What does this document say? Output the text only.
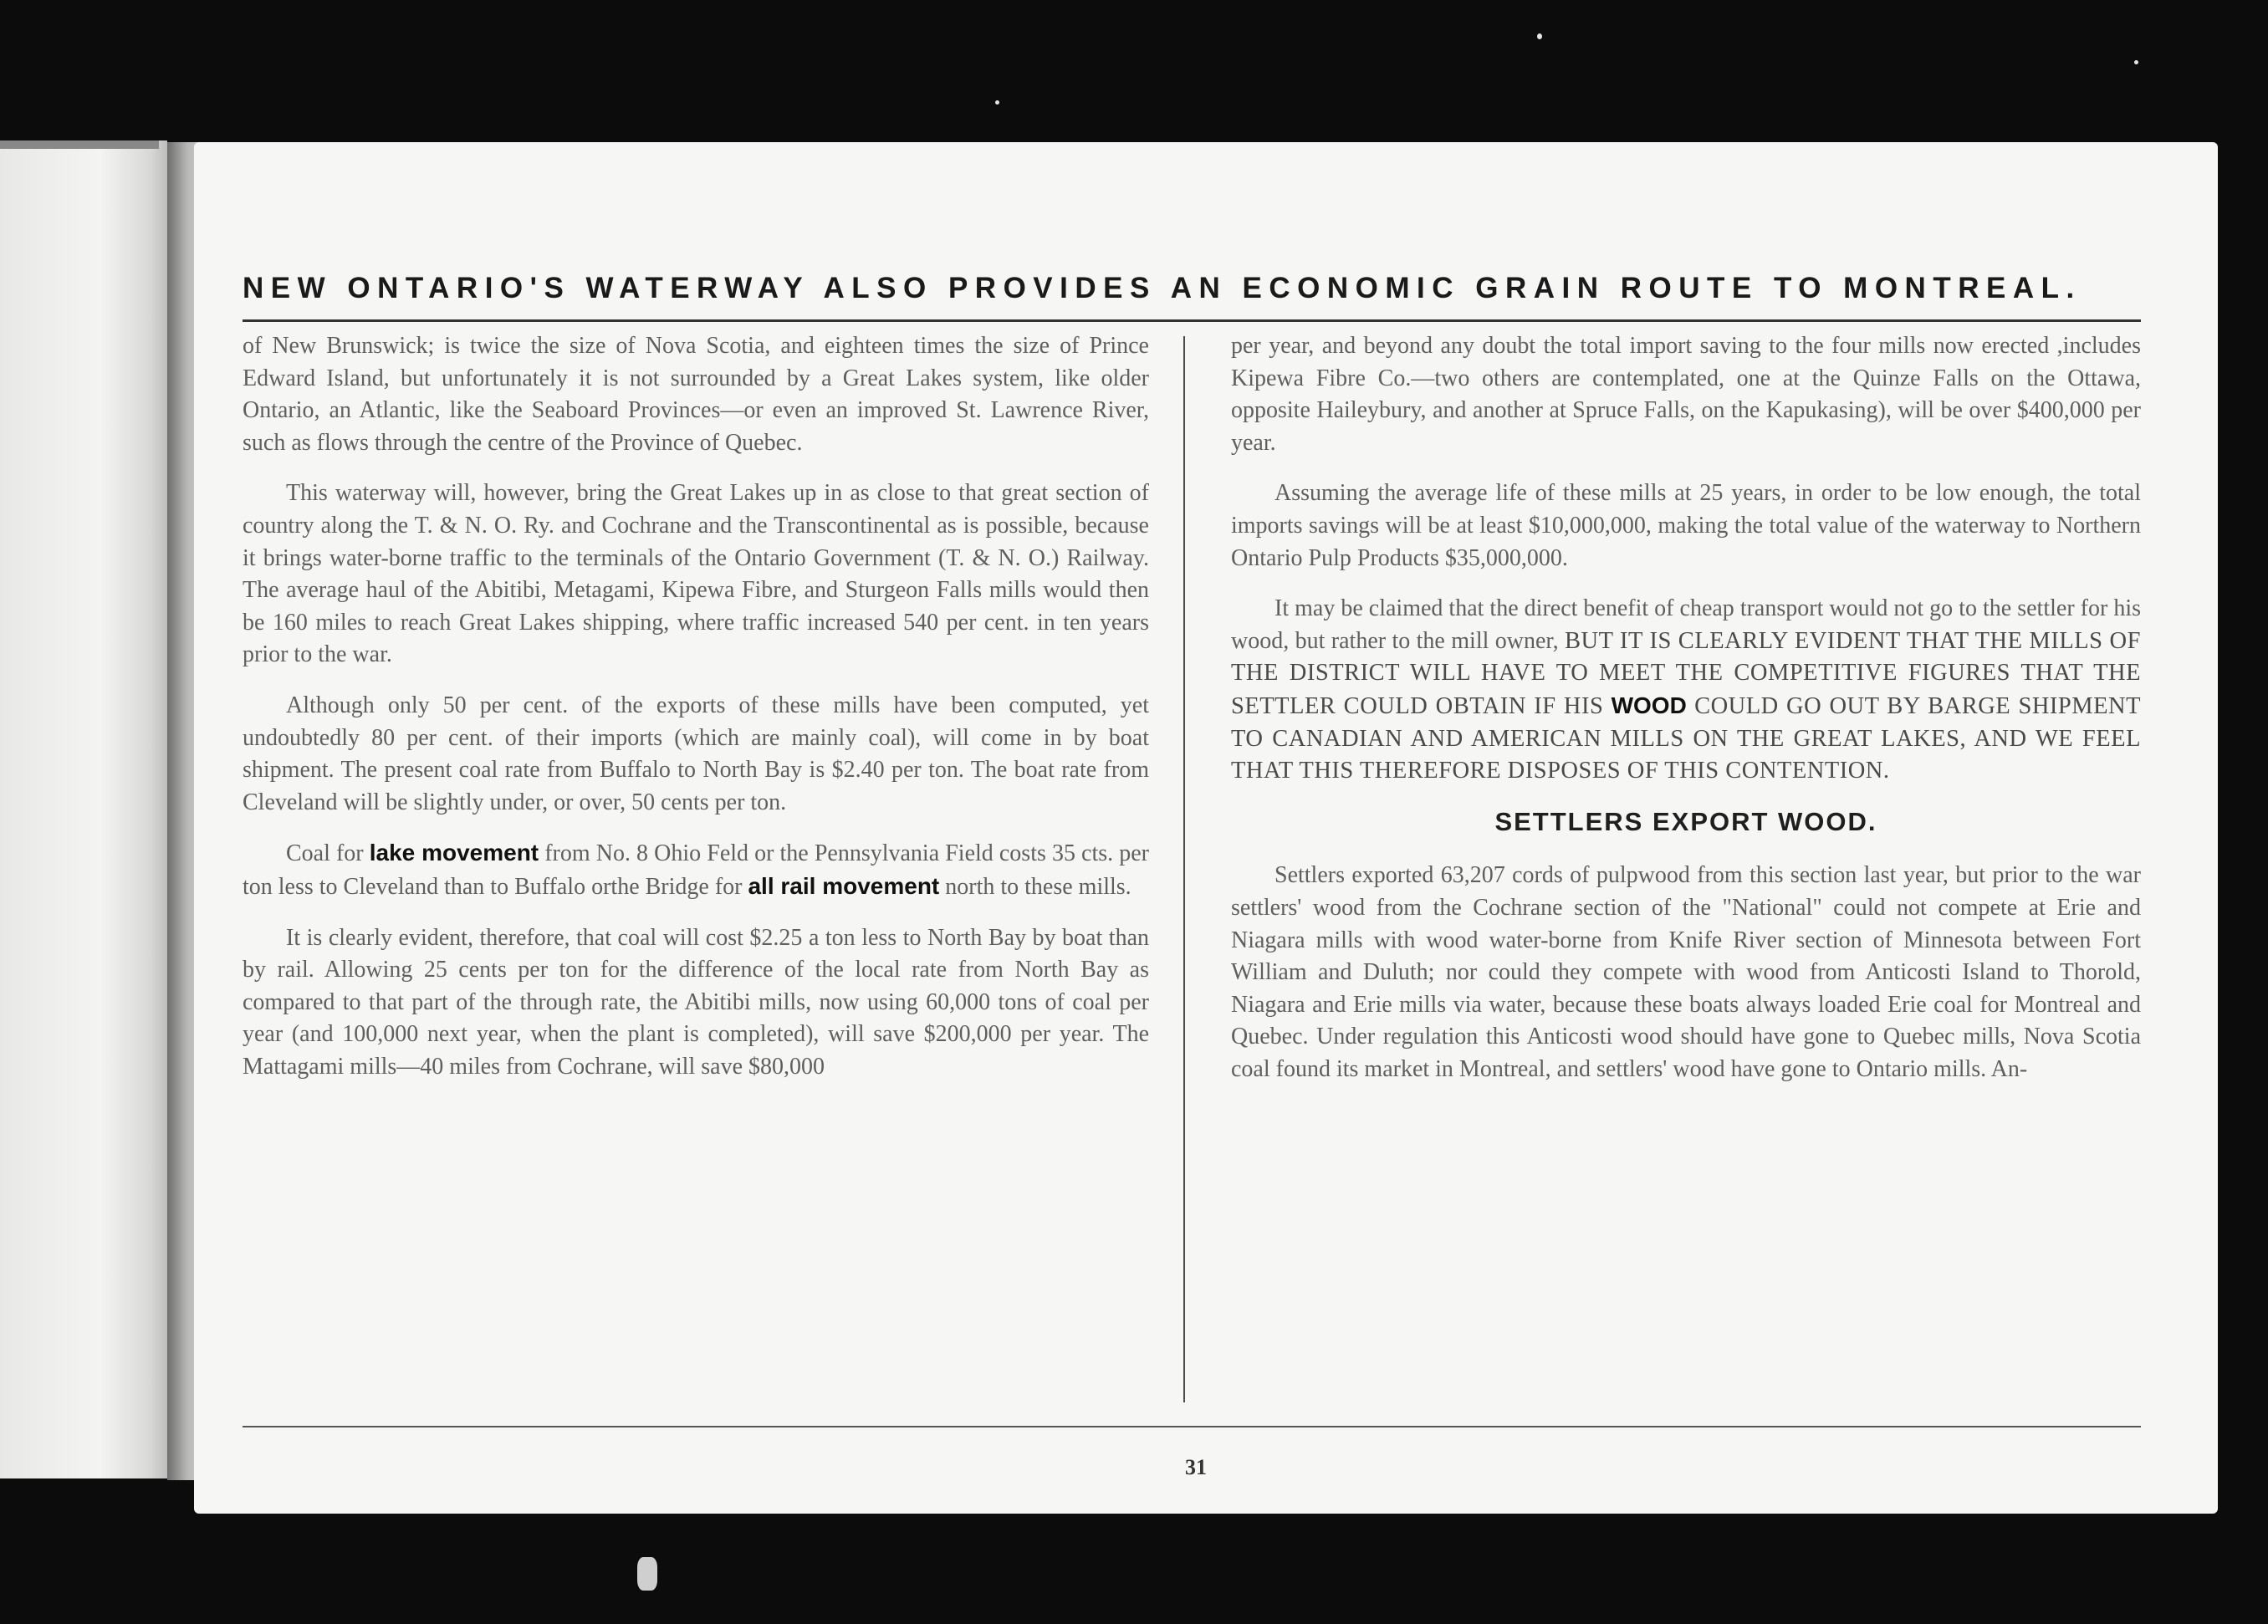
NEW ONTARIO'S WATERWAY ALSO PROVIDES AN ECONOMIC GRAIN ROUTE TO MONTREAL.

of New Brunswick; is twice the size of Nova Scotia, and eighteen times the size of Prince Edward Island, but unfortunately it is not surrounded by a Great Lakes system, like older Ontario, an Atlantic, like the Seaboard Provinces—or even an improved St. Lawrence River, such as flows through the centre of the Province of Quebec.

This waterway will, however, bring the Great Lakes up in as close to that great section of country along the T. & N. O. Ry. and Cochrane and the Transcontinental as is possible, because it brings water-borne traffic to the terminals of the Ontario Government (T. & N. O.) Railway. The average haul of the Abitibi, Metagami, Kipewa Fibre, and Sturgeon Falls mills would then be 160 miles to reach Great Lakes shipping, where traffic increased 540 per cent. in ten years prior to the war.

Although only 50 per cent. of the exports of these mills have been computed, yet undoubtedly 80 per cent. of their imports (which are mainly coal), will come in by boat shipment. The present coal rate from Buffalo to North Bay is $2.40 per ton. The boat rate from Cleveland will be slightly under, or over, 50 cents per ton.

Coal for lake movement from No. 8 Ohio Feld or the Pennsylvania Field costs 35 cts. per ton less to Cleveland than to Buffalo orthe Bridge for all rail movement north to these mills.

It is clearly evident, therefore, that coal will cost $2.25 a ton less to North Bay by boat than by rail. Allowing 25 cents per ton for the difference of the local rate from North Bay as compared to that part of the through rate, the Abitibi mills, now using 60,000 tons of coal per year (and 100,000 next year, when the plant is completed), will save $200,000 per year. The Mattagami mills—40 miles from Cochrane, will save $80,000

per year, and beyond any doubt the total import saving to the four mills now erected ,includes Kipewa Fibre Co.—two others are contemplated, one at the Quinze Falls on the Ottawa, opposite Haileybury, and another at Spruce Falls, on the Kapukasing), will be over $400,000 per year.

Assuming the average life of these mills at 25 years, in order to be low enough, the total imports savings will be at least $10,000,000, making the total value of the waterway to Northern Ontario Pulp Products $35,000,000.

It may be claimed that the direct benefit of cheap transport would not go to the settler for his wood, but rather to the mill owner, BUT IT IS CLEARLY EVIDENT THAT THE MILLS OF THE DISTRICT WILL HAVE TO MEET THE COMPETITIVE FIGURES THAT THE SETTLER COULD OBTAIN IF HIS WOOD COULD GO OUT BY BARGE SHIPMENT TO CANADIAN AND AMERICAN MILLS ON THE GREAT LAKES, AND WE FEEL THAT THIS THEREFORE DISPOSES OF THIS CONTENTION.

SETTLERS EXPORT WOOD.

Settlers exported 63,207 cords of pulpwood from this section last year, but prior to the war settlers' wood from the Cochrane section of the "National" could not compete at Erie and Niagara mills with wood water-borne from Knife River section of Minnesota between Fort William and Duluth; nor could they compete with wood from Anticosti Island to Thorold, Niagara and Erie mills via water, because these boats always loaded Erie coal for Montreal and Quebec. Under regulation this Anticosti wood should have gone to Quebec mills, Nova Scotia coal found its market in Montreal, and settlers' wood have gone to Ontario mills. An-

31
